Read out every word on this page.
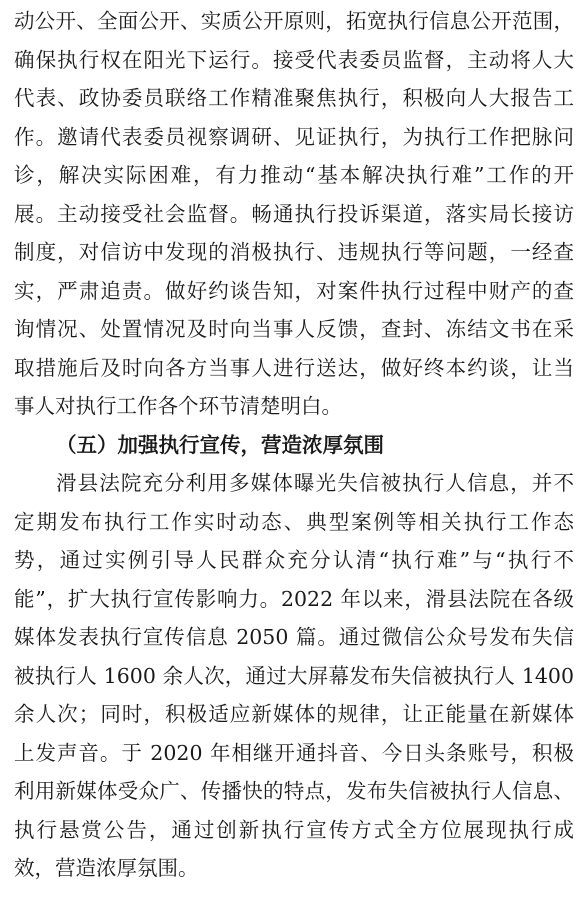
动公开、全面公开、实质公开原则，拓宽执行信息公开范围，
确保执行权在阳光下运行。接受代表委员监督，主动将人大
代表、政协委员联络工作精准聚焦执行，积极向人大报告工
作。邀请代表委员视察调研、见证执行，为执行工作把脉问
诊，解决实际困难，有力推动“基本解决执行难”工作的开
展。主动接受社会监督。畅通执行投诉渠道，落实局长接访
制度，对信访中发现的消极执行、违规执行等问题，一经查
实，严肃追责。做好约谈告知，对案件执行过程中财产的查
询情况、处置情况及时向当事人反馈，查封、冻结文书在采
取措施后及时向各方当事人进行送达，做好终本约谈，让当
事人对执行工作各个环节清楚明白。
（五）加强执行宣传，营造浓厚氛围
滑县法院充分利用多媒体曝光失信被执行人信息，并不
定期发布执行工作实时动态、典型案例等相关执行工作态
势，通过实例引导人民群众充分认清“执行难”与“执行不
能”，扩大执行宣传影响力。2022 年以来，滑县法院在各级
媒体发表执行宣传信息 2050 篇。通过微信公众号发布失信
被执行人 1600 余人次，通过大屏幕发布失信被执行人 1400
余人次；同时，积极适应新媒体的规律，让正能量在新媒体
上发声音。于 2020 年相继开通抖音、今日头条账号，积极
利用新媒体受众广、传播快的特点，发布失信被执行人信息、
执行悬赏公告，通过创新执行宣传方式全方位展现执行成
效，营造浓厚氛围。
